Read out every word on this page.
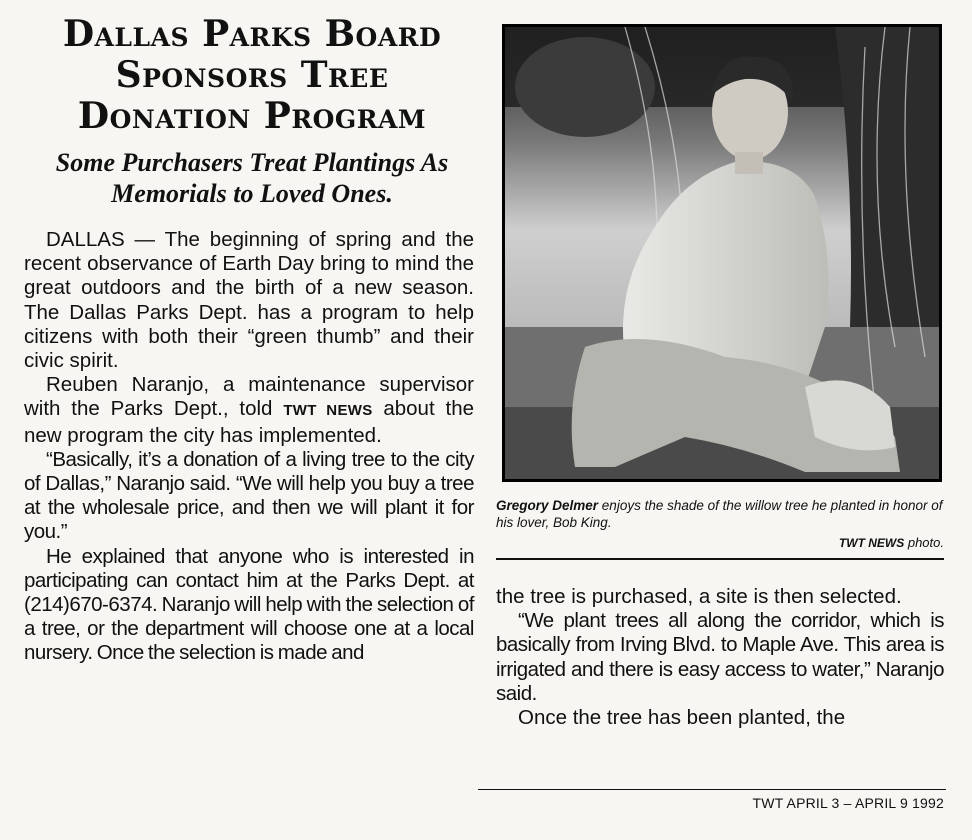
Dallas Parks Board Sponsors Tree Donation Program
Some Purchasers Treat Plantings As Memorials to Loved Ones.

DALLAS — The beginning of spring and the recent observance of Earth Day bring to mind the great outdoors and the birth of a new season. The Dallas Parks Dept. has a program to help citizens with both their “green thumb” and their civic spirit.

Reuben Naranjo, a maintenance supervisor with the Parks Dept., told TWT NEWS about the new program the city has implemented.

“Basically, it’s a donation of a living tree to the city of Dallas,” Naranjo said. “We will help you buy a tree at the wholesale price, and then we will plant it for you.”

He explained that anyone who is interested in participating can contact him at the Parks Dept. at (214)670-6374. Naranjo will help with the selection of a tree, or the department will choose one at a local nursery. Once the selection is made and

Gregory Delmer enjoys the shade of the willow tree he planted in honor of his lover, Bob King.
TWT NEWS photo.

the tree is purchased, a site is then selected.

“We plant trees all along the corridor, which is basically from Irving Blvd. to Maple Ave. This area is irrigated and there is easy access to water,” Naranjo said.

Once the tree has been planted, the

TWT APRIL 3 – APRIL 9 1992
